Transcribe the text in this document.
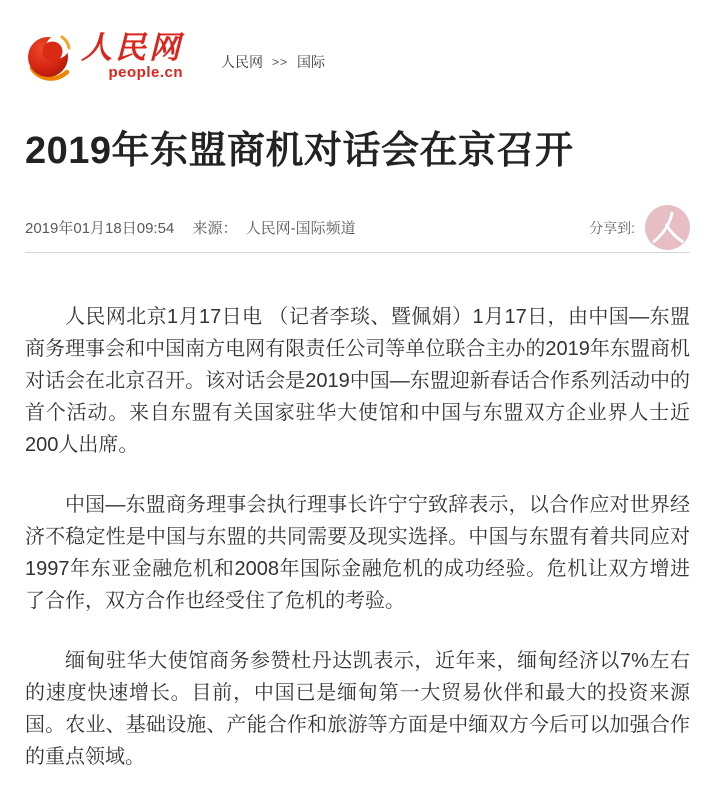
人民网
people.cn
人民网 >> 国际
2019年东盟商机对话会在京召开
2019年01月18日09:54 来源： 人民网-国际频道	分享到:

人民网北京1月17日电 （记者李琰、暨佩娟）1月17日，由中国—东盟商务理事会和中国南方电网有限责任公司等单位联合主办的2019年东盟商机对话会在北京召开。该对话会是2019中国—东盟迎新春话合作系列活动中的首个活动。来自东盟有关国家驻华大使馆和中国与东盟双方企业界人士近200人出席。

中国—东盟商务理事会执行理事长许宁宁致辞表示，以合作应对世界经济不稳定性是中国与东盟的共同需要及现实选择。中国与东盟有着共同应对1997年东亚金融危机和2008年国际金融危机的成功经验。危机让双方增进了合作，双方合作也经受住了危机的考验。

缅甸驻华大使馆商务参赞杜丹达凯表示，近年来，缅甸经济以7%左右的速度快速增长。目前，中国已是缅甸第一大贸易伙伴和最大的投资来源国。农业、基础设施、产能合作和旅游等方面是中缅双方今后可以加强合作的重点领域。
